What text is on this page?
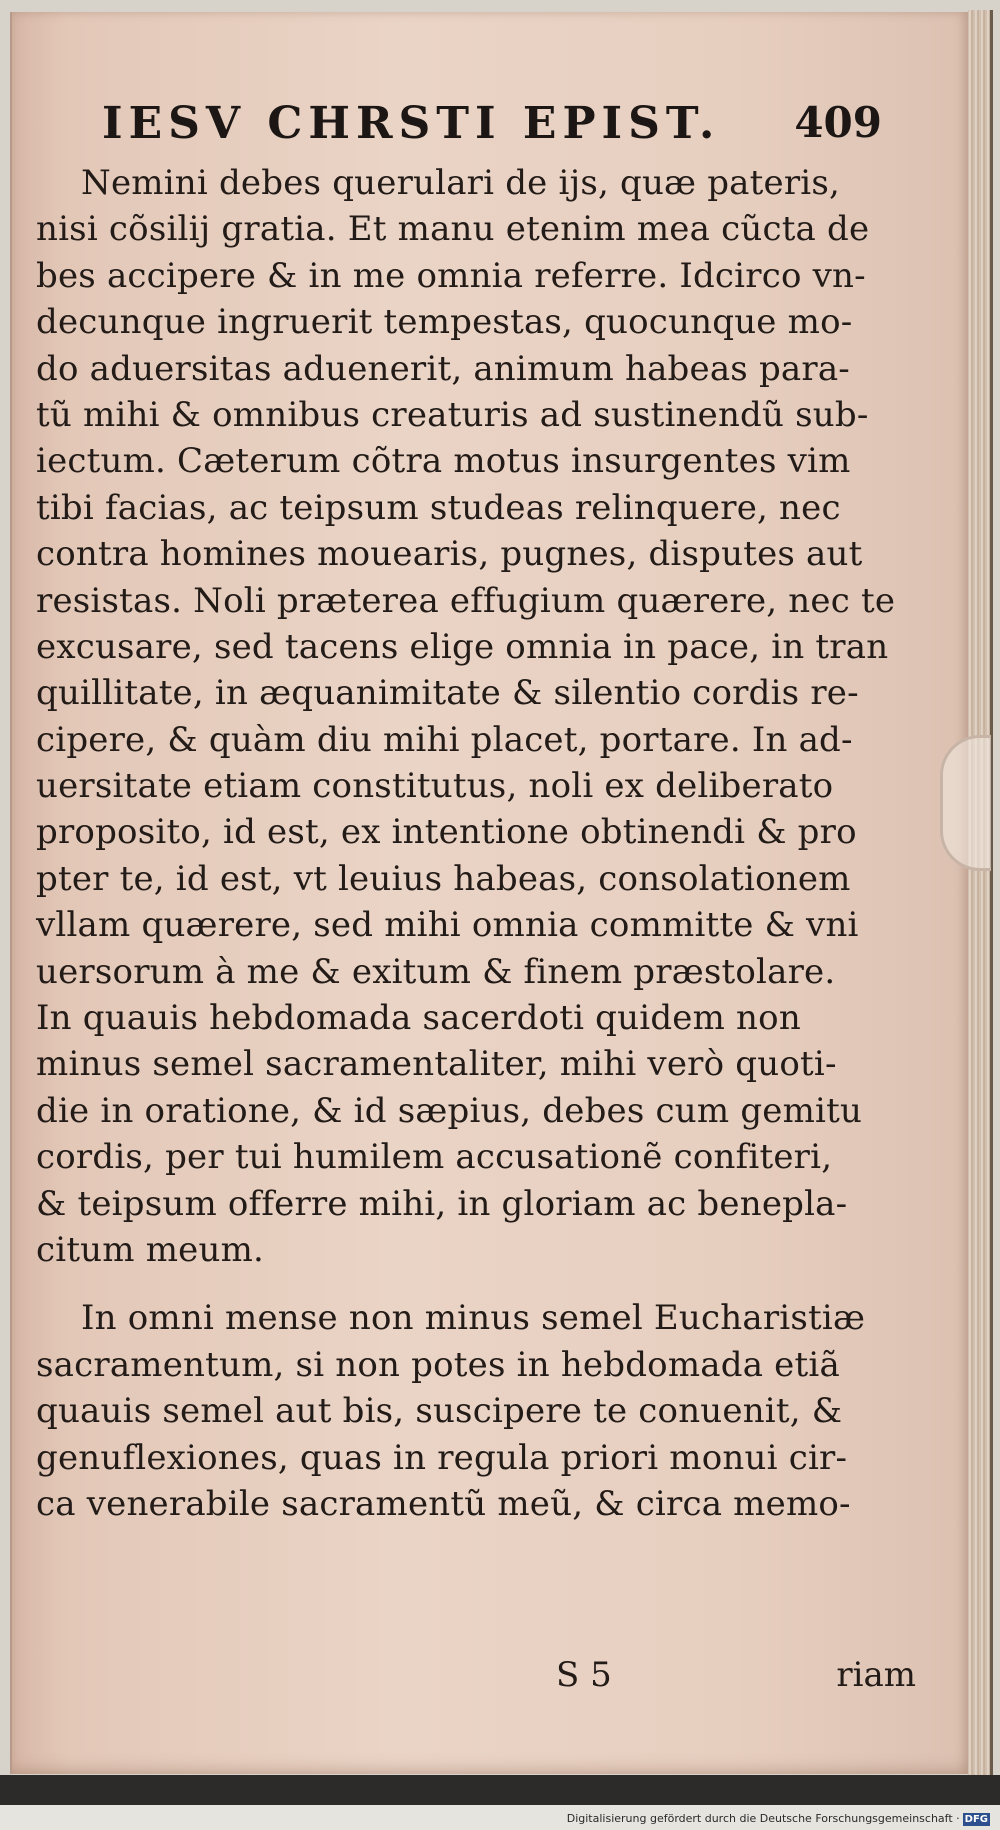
IESV CHRSTI EPIST. 409
Nemini debes querulari de ijs, quæ pateris,
nisi cõsilij gratia. Et manu etenim mea cũcta de
bes accipere & in me omnia referre. Idcirco vn-
decunque ingruerit tempestas, quocunque mo-
do aduersitas aduenerit, animum habeas para-
tũ mihi & omnibus creaturis ad sustinendũ sub-
iectum. Cæterum cõtra motus insurgentes vim
tibi facias, ac teipsum studeas relinquere, nec
contra homines mouearis, pugnes, disputes aut
resistas. Noli præterea effugium quærere, nec te
excusare, sed tacens elige omnia in pace, in tran
quillitate, in æquanimitate & silentio cordis re-
cipere, & quàm diu mihi placet, portare. In ad-
uersitate etiam constitutus, noli ex deliberato
proposito, id est, ex intentione obtinendi & pro
pter te, id est, vt leuius habeas, consolationem
vllam quærere, sed mihi omnia committe & vni
uersorum à me & exitum & finem præstolare.
In quauis hebdomada sacerdoti quidem non
minus semel sacramentaliter, mihi verò quoti-
die in oratione, & id sæpius, debes cum gemitu
cordis, per tui humilem accusationẽ confiteri,
& teipsum offerre mihi, in gloriam ac benepla-
citum meum.
In omni mense non minus semel Eucharistiæ
sacramentum, si non potes in hebdomada etiã
quauis semel aut bis, suscipere te conuenit, &
genuflexiones, quas in regula priori monui cir-
ca venerabile sacramentũ meũ, & circa memo-
S 5	riam
Digitalisierung gefördert durch die Deutsche Forschungsgemeinschaft · DFG
